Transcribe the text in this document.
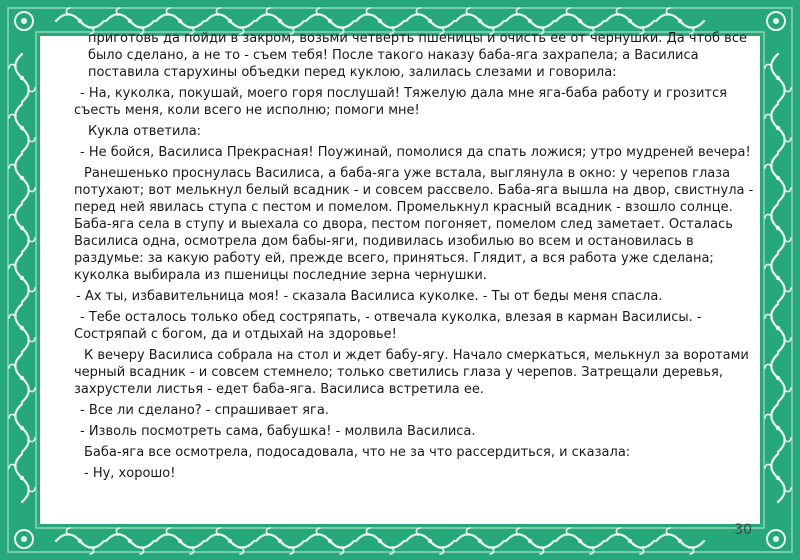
приготовь да пойди в закром, возьми четверть пшеницы и очисть ее от чернушки. Да чтоб все было сделано, а не то - съем тебя! После такого наказу баба-яга захрапела; а Василиса поставила старухины объедки перед куклою, залилась слезами и говорила:

- На, куколка, покушай, моего горя послушай! Тяжелую дала мне яга-баба работу и грозится съесть меня, коли всего не исполню; помоги мне!

Кукла ответила:

- Не бойся, Василиса Прекрасная! Поужинай, помолися да спать ложися; утро мудреней вечера!

Ранешенько проснулась Василиса, а баба-яга уже встала, выглянула в окно: у черепов глаза потухают; вот мелькнул белый всадник - и совсем рассвело. Баба-яга вышла на двор, свистнула - перед ней явилась ступа с пестом и помелом. Промелькнул красный всадник - взошло солнце. Баба-яга села в ступу и выехала со двора, пестом погоняет, помелом след заметает. Осталась Василиса одна, осмотрела дом бабы-яги, подивилась изобилью во всем и остановилась в раздумье: за какую работу ей, прежде всего, приняться. Глядит, а вся работа уже сделана; куколка выбирала из пшеницы последние зерна чернушки.

- Ах ты, избавительница моя! - сказала Василиса куколке. - Ты от беды меня спасла.

- Тебе осталось только обед состряпать, - отвечала куколка, влезая в карман Василисы. - Состряпай с богом, да и отдыхай на здоровье!

К вечеру Василиса собрала на стол и ждет бабу-ягу. Начало смеркаться, мелькнул за воротами черный всадник - и совсем стемнело; только светились глаза у черепов. Затрещали деревья, захрустели листья - едет баба-яга. Василиса встретила ее.

- Все ли сделано? - спрашивает яга.

- Изволь посмотреть сама, бабушка! - молвила Василиса.

Баба-яга все осмотрела, подосадовала, что не за что рассердиться, и сказала:

- Ну, хорошо!

30
